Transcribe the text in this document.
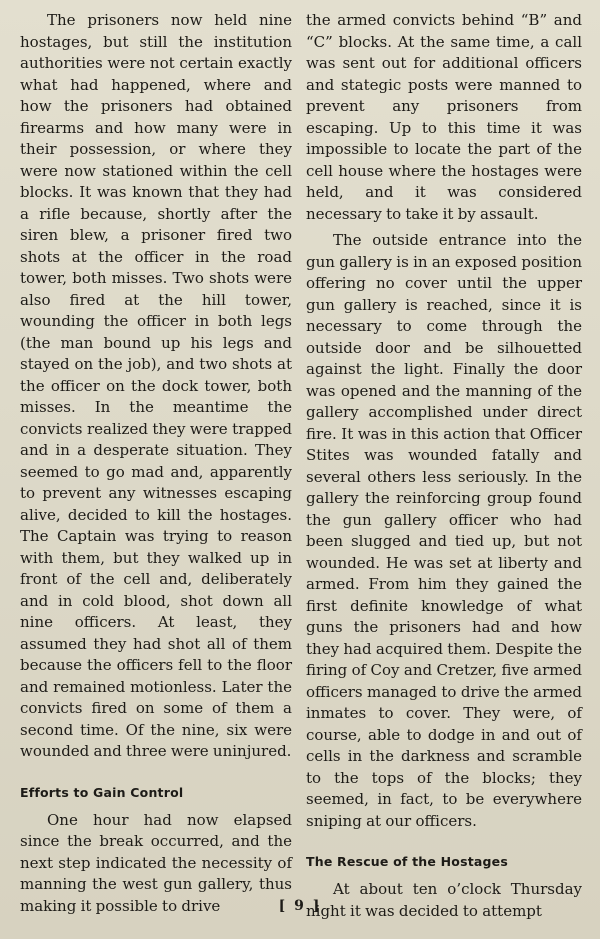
The prisoners now held nine hostages, but still the institution authorities were not certain exactly what had happened, where and how the prisoners had obtained firearms and how many were in their possession, or where they were now stationed within the cell blocks. It was known that they had a rifle because, shortly after the siren blew, a prisoner fired two shots at the officer in the road tower, both misses. Two shots were also fired at the hill tower, wounding the officer in both legs (the man bound up his legs and stayed on the job), and two shots at the officer on the dock tower, both misses. In the meantime the convicts realized they were trapped and in a desperate situation. They seemed to go mad and, apparently to prevent any witnesses escaping alive, decided to kill the hostages. The Captain was trying to reason with them, but they walked up in front of the cell and, deliberately and in cold blood, shot down all nine officers. At least, they assumed they had shot all of them because the officers fell to the floor and remained motionless. Later the convicts fired on some of them a second time. Of the nine, six were wounded and three were uninjured.

Efforts to Gain Control

One hour had now elapsed since the break occurred, and the next step indicated the necessity of manning the west gun gallery, thus making it possible to drive

the armed convicts behind “B” and “C” blocks. At the same time, a call was sent out for additional officers and stategic posts were manned to prevent any prisoners from escaping. Up to this time it was impossible to locate the part of the cell house where the hostages were held, and it was considered necessary to take it by assault.

The outside entrance into the gun gallery is in an exposed position offering no cover until the upper gun gallery is reached, since it is necessary to come through the outside door and be silhouetted against the light. Finally the door was opened and the manning of the gallery accomplished under direct fire. It was in this action that Officer Stites was wounded fatally and several others less seriously. In the gallery the reinforcing group found the gun gallery officer who had been slugged and tied up, but not wounded. He was set at liberty and armed. From him they gained the first definite knowledge of what guns the prisoners had and how they had acquired them. Despite the firing of Coy and Cretzer, five armed officers managed to drive the armed inmates to cover. They were, of course, able to dodge in and out of cells in the darkness and scramble to the tops of the blocks; they seemed, in fact, to be everywhere sniping at our officers.

The Rescue of the Hostages

At about ten o’clock Thursday night it was decided to attempt

[ 9 ]
